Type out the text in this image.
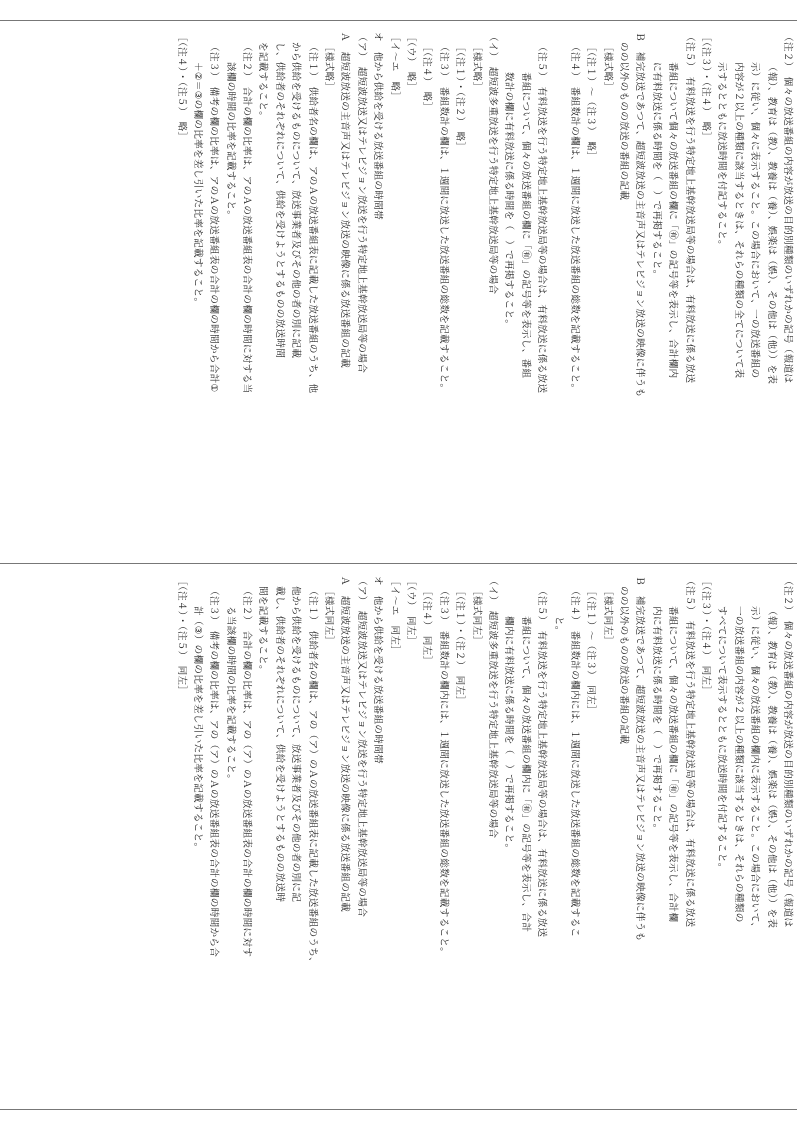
（注２）　個々の放送番組の内容が放送の目的別種類のいずれかの記号（報道は
（報）、教育は（教）、教養は（養）、娯楽は（娯）、その他は（他））を表
示）に従い、個々に表示すること。この場合において、一の放送番組の
内容が２以上の種類に該当するときは、それらの種類の全てについて表
示するとともに放送時間を付記すること。
［（注３）・（注４）　略］
（注５）　有料放送を行う特定地上基幹放送局等の場合は、有料放送に係る放送
番組について個々の放送番組の欄に「㊒」の記号等を表示し、合計欄内
に有料放送に係る時間を（　）で再掲すること。
Ｂ　補完放送であつて、超短波放送の主音声又はテレビジョン放送の映像に伴うも
のの以外のものの放送の番組の記載
［様式略］
［（注１）〜（注３）　略］
（注４）　番組数計の欄は、１週間に放送した放送番組の総数を記載すること。
（注５）　有料放送を行う特定地上基幹放送局等の場合は、有料放送に係る放送
番組について、個々の放送番組の欄に「㊒」の記号等を表示し、番組
数計の欄に有料放送に係る時間を（　）で再掲すること。
（イ）　超短波多重放送を行う特定地上基幹放送局等の場合
［様式略］
［（注１）・（注２）　略］
（注３）　番組数計の欄は、１週間に放送した放送番組の総数を記載すること。
［（注４）　略］
［（ウ）　略］
［イ〜エ　略］
オ　他から供給を受ける放送番組の時間帯
（ア）　超短波放送又はテレビジョン放送を行う特定地上基幹放送局等の場合
Ａ　超短波放送の主音声又はテレビジョン放送の映像に係る放送番組の記載
［様式略］
（注１）　供給者名の欄は、アのＡの放送番組表に記載した放送番組のうち、他
から供給を受けるものについて、放送事業者及びその他の者の別に記載
し、供給者のそれぞれについて、供給を受けようとするものの放送時間
を記載すること。
（注２）　合計の欄の比率は、アのＡの放送番組表の合計の欄の時間に対する当
該欄の時間の比率を記載すること。
（注３）　備考の欄の比率は、アのＡの放送番組表の合計の欄の時間から合計①
＋②＝③の欄の比率を差し引いた比率を記載すること。
［（注４）・（注５）　略］
（注２）　個々の放送番組の内容が放送の目的別種類のいずれかの記号（報道は
（報）、教育は（教）、教養は（養）、娯楽は（娯）、その他は（他））を表
示）に従い、個々の放送番組の欄内に表示すること。この場合において、
一の放送番組の内容が２以上の種類に該当するときは、それらの種類の
すべてについて表示するとともに放送時間を付記すること。
［（注３）・（注４）　同左］
（注５）　有料放送を行う特定地上基幹放送局等の場合は、有料放送に係る放送
番組について、個々の放送番組の欄に「㊒」の記号等を表示し、合計欄
内に有料放送に係る時間を（　）で再掲すること。
Ｂ　補完放送であつて、超短波放送の主音声又はテレビジョン放送の映像に伴うも
のの以外のものの放送の番組の記載
［様式同左］
［（注１）〜（注３）　同左］
（注４）　番組数計の欄内には、１週間に放送した放送番組の総数を記載するこ
と。
（注５）　有料放送を行う特定地上基幹放送局等の場合は、有料放送に係る放送
番組について、個々の放送番組の欄内に「㊒」の記号等を表示し、合計
欄内に有料放送に係る時間を（　）で再掲すること。
（イ）　超短波多重放送を行う特定地上基幹放送局等の場合
［様式同左］
［（注１）・（注２）　同左］
（注３）　番組数計の欄内には、１週間に放送した放送番組の総数を記載すること。
［（注４）　同左］
［（ウ）　同左］
［イ〜エ　同左］
オ　他から供給を受ける放送番組の時間帯
（ア）　超短波放送又はテレビジョン放送を行う特定地上基幹放送局等の場合
Ａ　超短波放送の主音声又はテレビジョン放送の映像に係る放送番組の記載
［様式同左］
（注１）　供給者名の欄は、アの（ア）のＡの放送番組表に記載した放送番組のうち、
他から供給を受けるものについて、放送事業者及びその他の者の別に記
載し、供給者のそれぞれについて、供給を受けようとするものの放送時
間を記載すること。
（注２）　合計の欄の比率は、アの（ア）のＡの放送番組表の合計の欄の時間に対す
る当該欄の時間の比率を記載すること。
（注３）　備考の欄の比率は、アの（ア）のＡの放送番組表の合計の欄の時間から合
計（③）の欄の比率を差し引いた比率を記載すること。
［（注４）・（注５）　同左］
